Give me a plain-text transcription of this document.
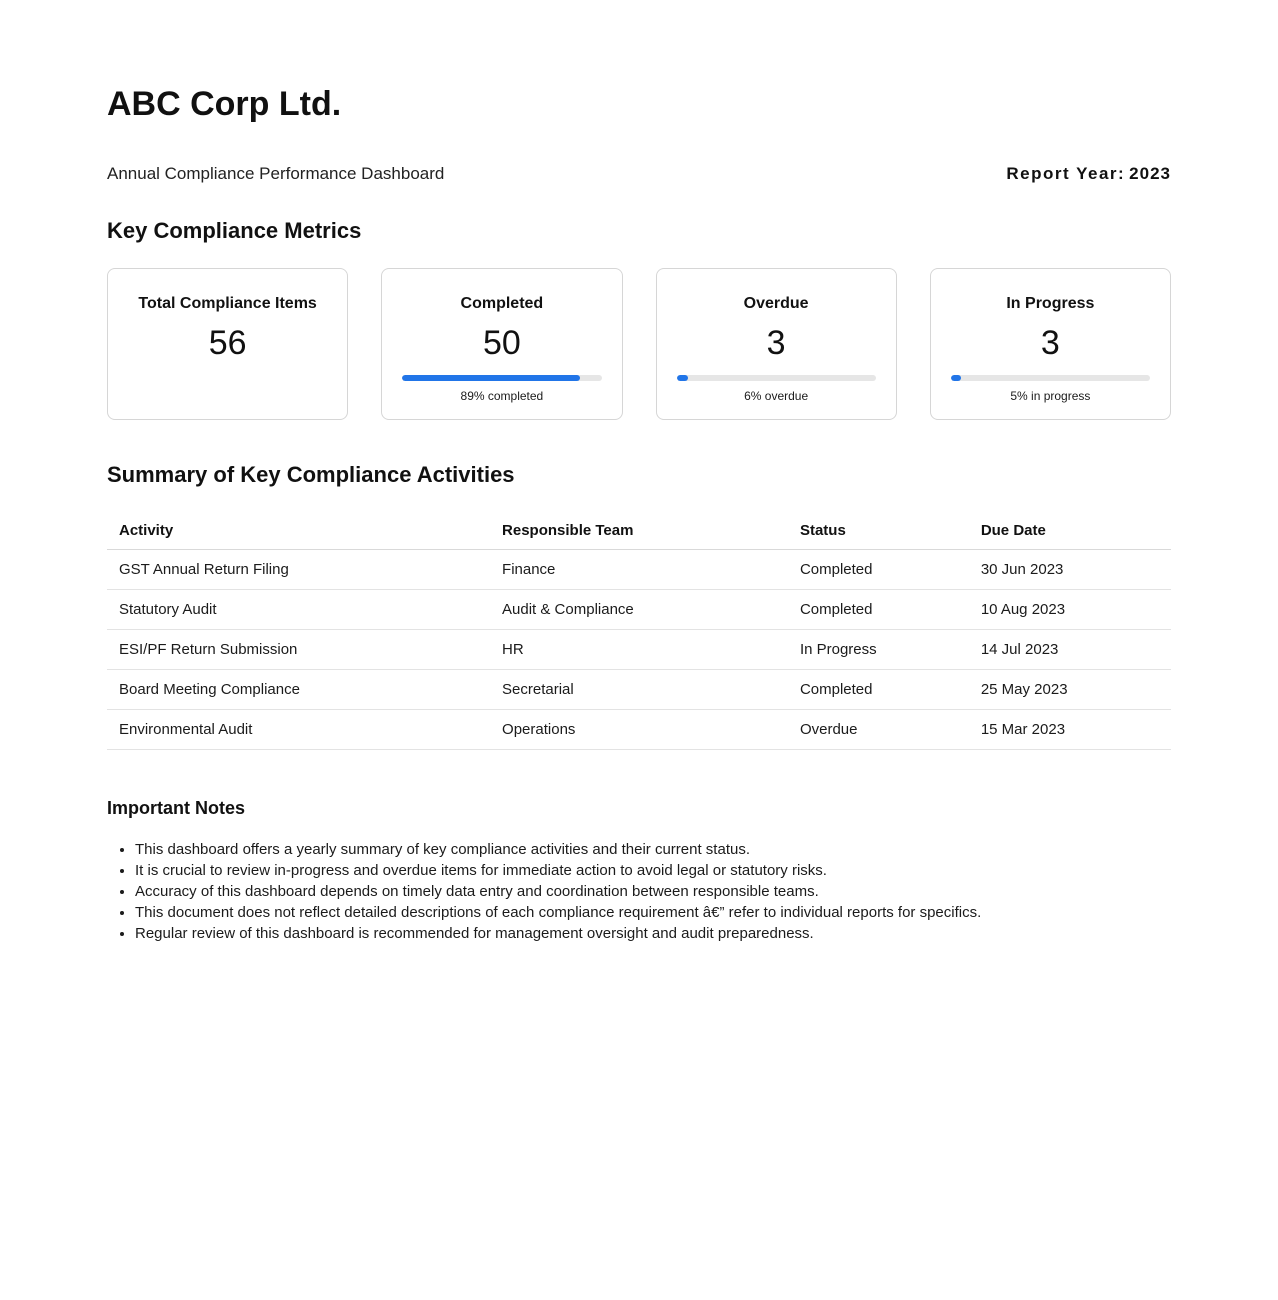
ABC Corp Ltd.
Annual Compliance Performance Dashboard	Report Year: 2023
Key Compliance Metrics
Total Compliance Items
56
Completed
50
89% completed
Overdue
3
6% overdue
In Progress
3
5% in progress
Summary of Key Compliance Activities
Activity	Responsible Team	Status	Due Date
GST Annual Return Filing	Finance	Completed	30 Jun 2023
Statutory Audit	Audit & Compliance	Completed	10 Aug 2023
ESI/PF Return Submission	HR	In Progress	14 Jul 2023
Board Meeting Compliance	Secretarial	Completed	25 May 2023
Environmental Audit	Operations	Overdue	15 Mar 2023
Important Notes
• This dashboard offers a yearly summary of key compliance activities and their current status.
• It is crucial to review in-progress and overdue items for immediate action to avoid legal or statutory risks.
• Accuracy of this dashboard depends on timely data entry and coordination between responsible teams.
• This document does not reflect detailed descriptions of each compliance requirement â€” refer to individual reports for specifics.
• Regular review of this dashboard is recommended for management oversight and audit preparedness.
